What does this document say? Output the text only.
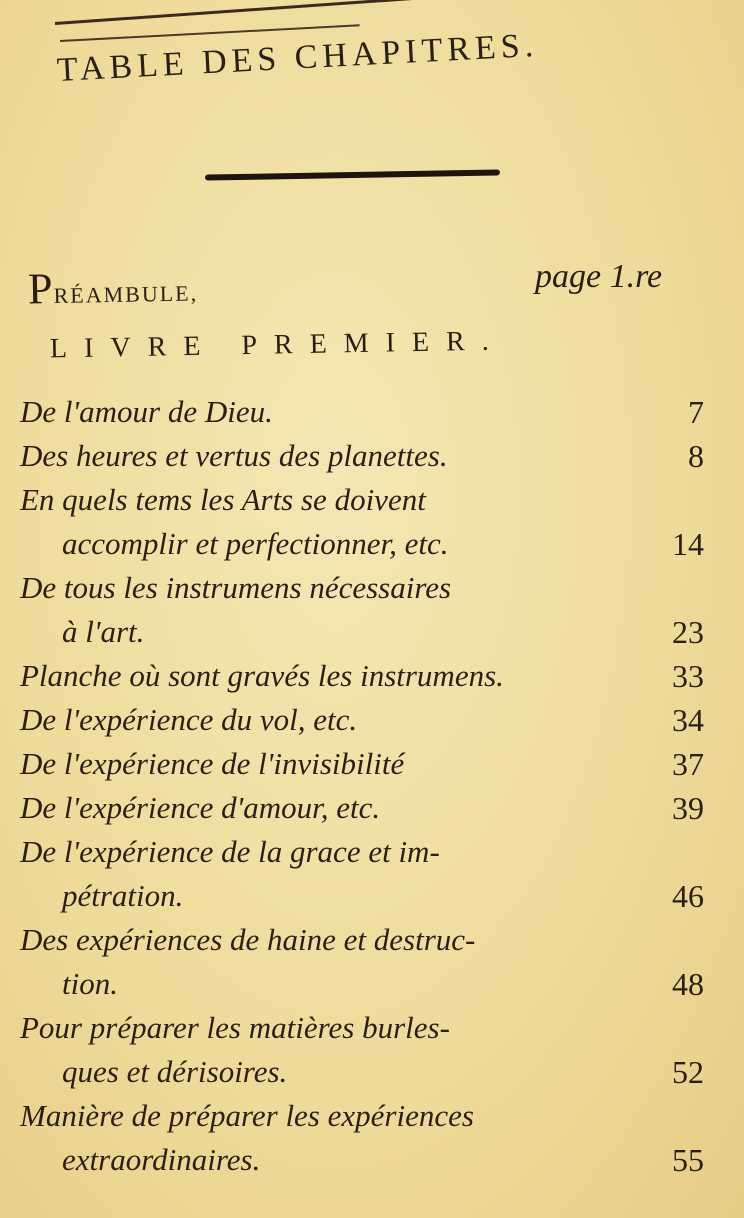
TABLE DES CHAPITRES.
PRÉAMBULE,	page 1.re
LIVRE PREMIER.
De l'amour de Dieu.	7
Des heures et vertus des planettes.	8
En quels tems les Arts se doivent
accomplir et perfectionner, etc.	14
De tous les instrumens nécessaires
à l'art.	23
Planche où sont gravés les instrumens.	33
De l'expérience du vol, etc.	34
De l'expérience de l'invisibilité	37
De l'expérience d'amour, etc.	39
De l'expérience de la grace et im-
pétration.	46
Des expériences de haine et destruc-
tion.	48
Pour préparer les matières burles-
ques et dérisoires.	52
Manière de préparer les expériences
extraordinaires.	55
